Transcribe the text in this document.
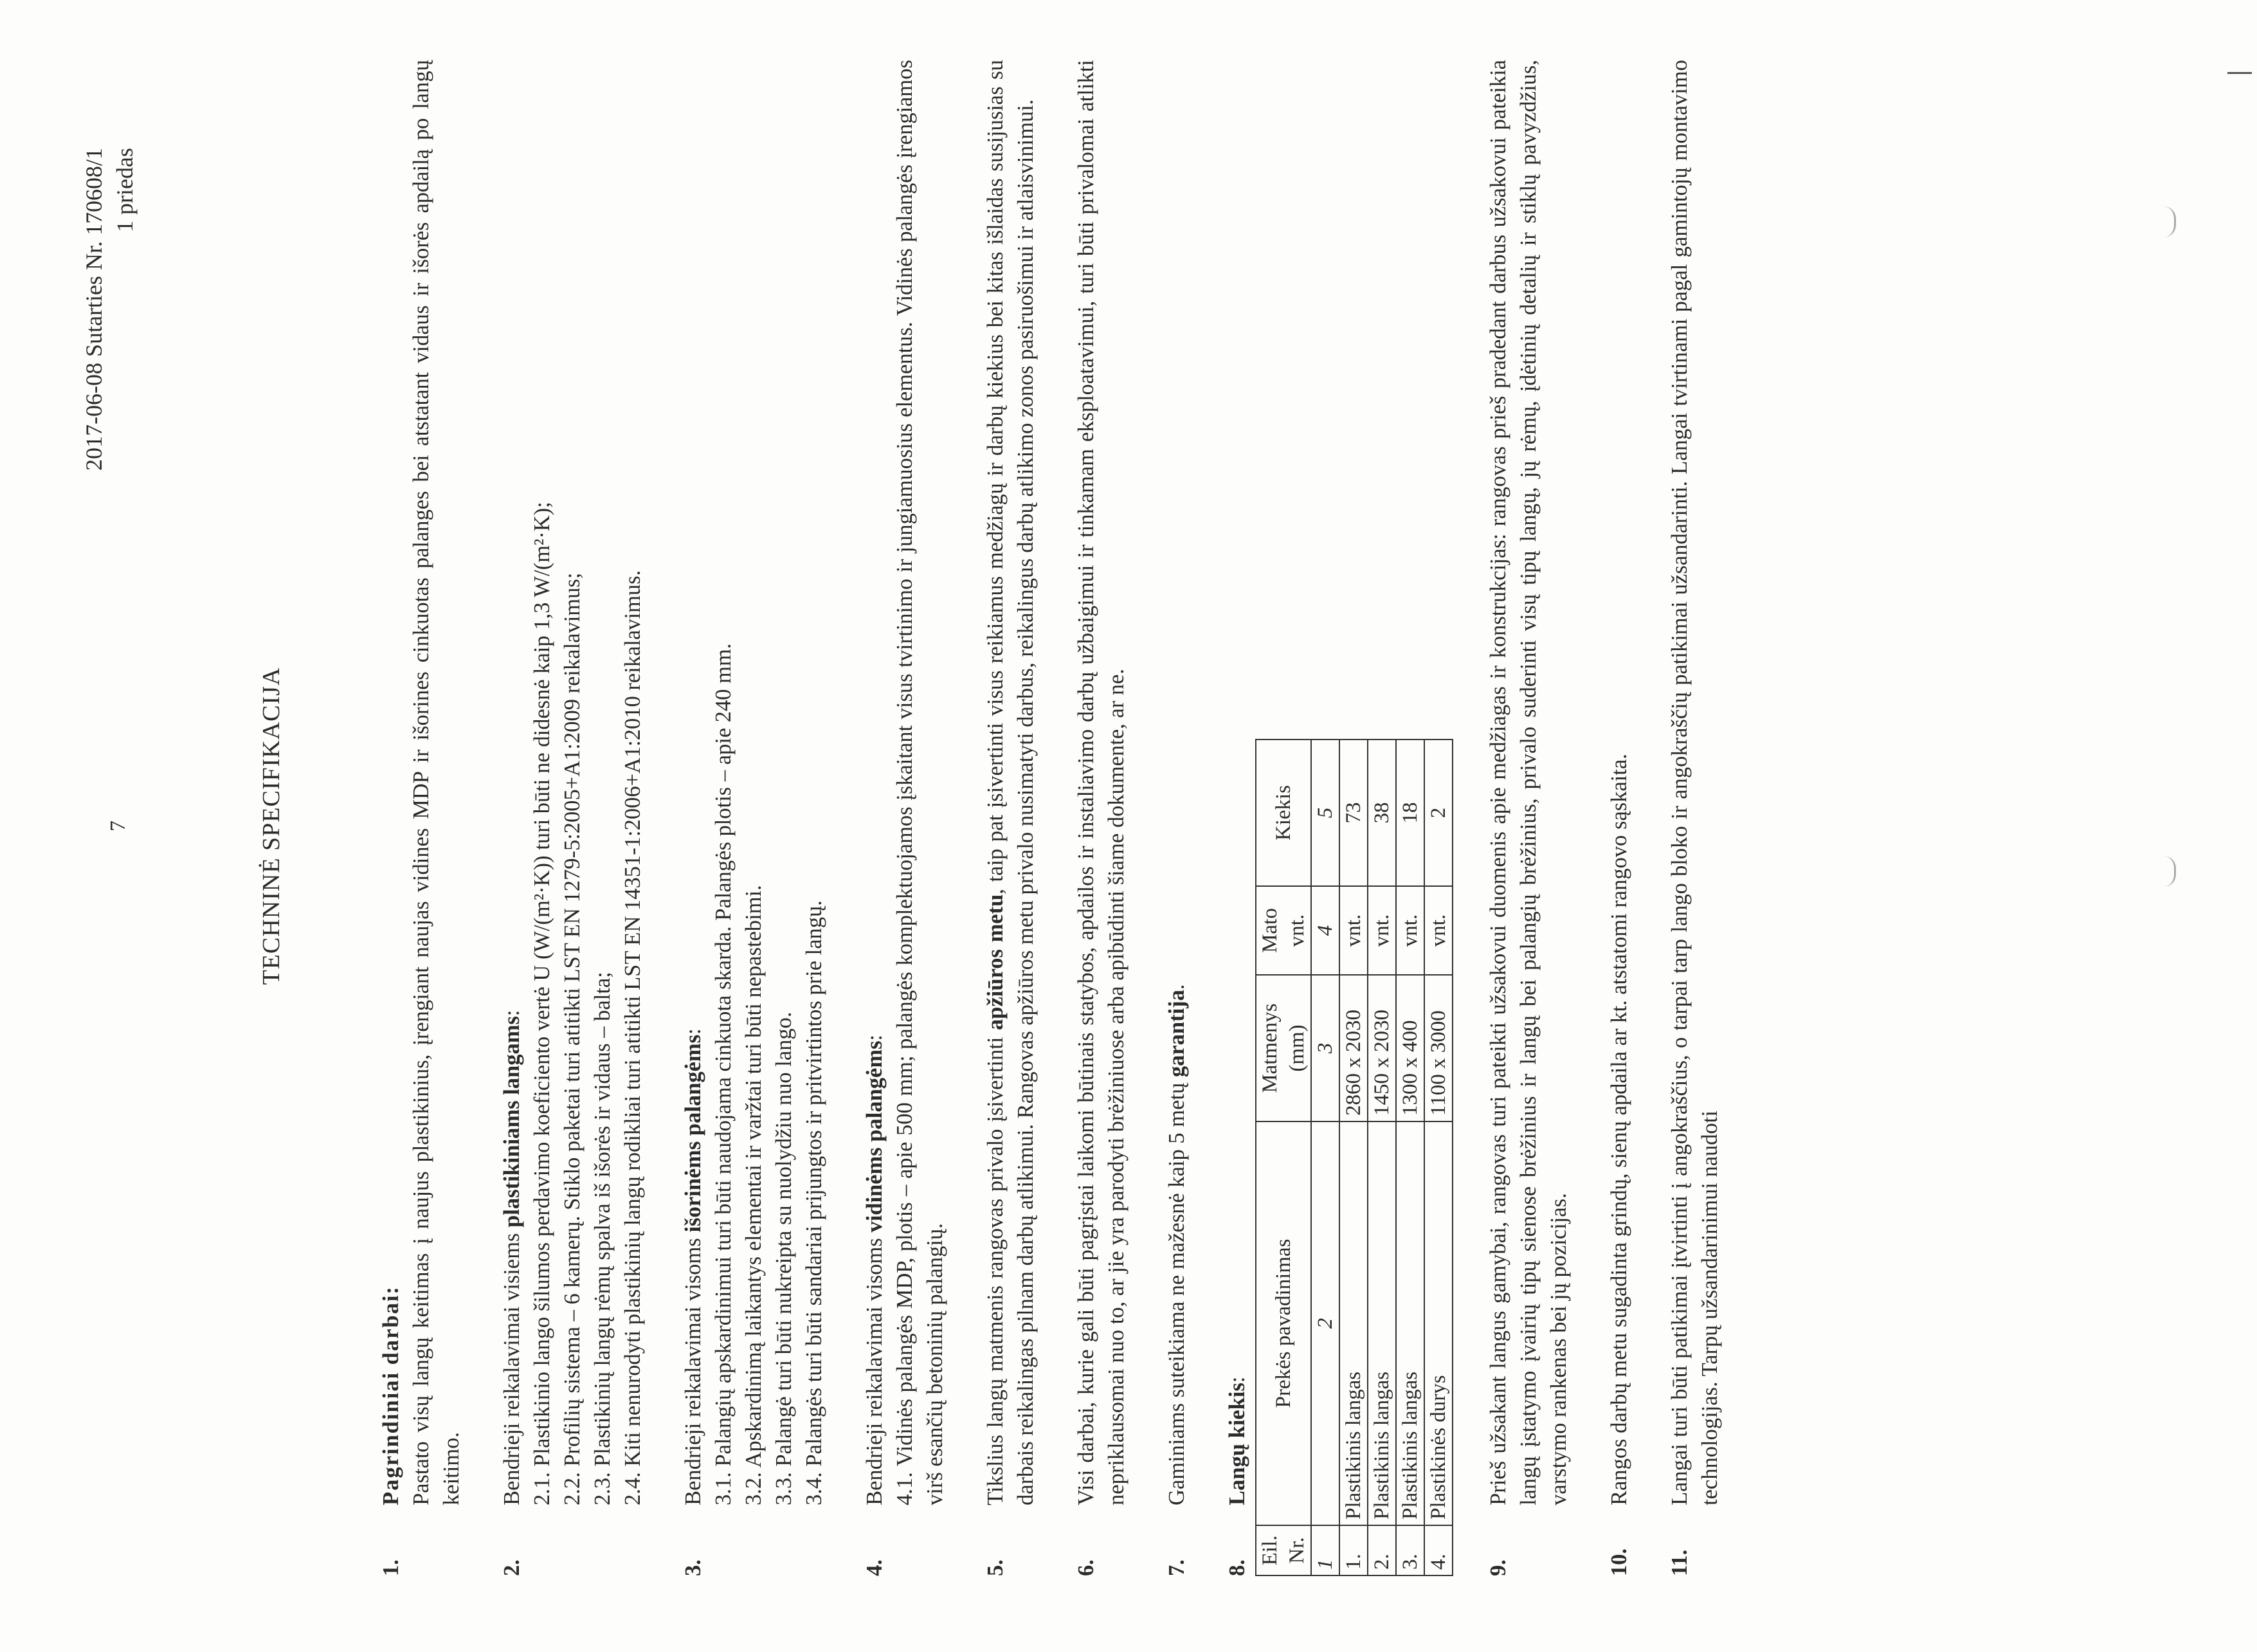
2017-06-08 Sutarties Nr. 170608/1 1 priedas
7	TECHNINĖ SPECIFIKACIJA
1.

Pagrindiniai darbai: Pastato visų langų keitimas į naujus plastikinius, įrengiant naujas vidines MDP ir išorines cinkuotas palanges bei atstatant vidaus ir išorės apdailą po langų keitimo.

2.

Bendrieji reikalavimai visiems plastikiniams langams: 2.1. Plastikinio lango šilumos perdavimo koeficiento vertė U (W/(m²·K)) turi būti ne didesnė kaip 1,3 W/(m²·K); 2.2. Profilių sistema – 6 kamerų. Stiklo paketai turi atitikti LST EN 1279-5:2005+A1:2009 reikalavimus; 2.3. Plastikinių langų rėmų spalva iš išorės ir vidaus – balta; 2.4. Kiti nenurodyti plastikinių langų rodikliai turi atitikti LST EN 14351-1:2006+A1:2010 reikalavimus.

3.

Bendrieji reikalavimai visoms išorinėms palangėms: 3.1. Palangių apskardinimui turi būti naudojama cinkuota skarda. Palangės plotis – apie 240 mm. 3.2. Apskardinimą laikantys elementai ir varžtai turi būti nepastebimi. 3.3. Palangė turi būti nukreipta su nuolydžiu nuo lango. 3.4. Palangės turi būti sandariai prijungtos ir pritvirtintos prie langų.

4.

Bendrieji reikalavimai visoms vidinėms palangėms: 4.1. Vidinės palangės MDP, plotis – apie 500 mm; palangės komplektuojamos įskaitant visus tvirtinimo ir jungiamuosius elementus. Vidinės palangės įrengiamos virš esančių betoninių palangių.

5.

Tikslius langų matmenis rangovas privalo įsivertinti apžiūros metu, taip pat įsivertinti visus reikiamus medžiagų ir darbų kiekius bei kitas išlaidas susijusias su darbais reikalingas pilnam darbų atlikimui. Rangovas apžiūros metu privalo nusimatyti darbus, reikalingus darbų atlikimo zonos pasiruošimui ir atlaisvinimui.

6.

Visi darbai, kurie gali būti pagrįstai laikomi būtinais statybos, apdailos ir instaliavimo darbų užbaigimui ir tinkamam eksploatavimui, turi būti privalomai atlikti nepriklausomai nuo to, ar jie yra parodyti brėžiniuose arba apibūdinti šiame dokumente, ar ne.

7.

Gaminiams suteikiama ne mažesnė kaip 5 metų garantija.

8.

Langų kiekis:

Eil. Nr.	Prekės pavadinimas	Matmenys (mm)	Mato vnt.	Kiekis
1	2	3	4	5
1.	Plastikinis langas	2860 x 2030	vnt.	73
2.	Plastikinis langas	1450 x 2030	vnt.	38
3.	Plastikinis langas	1300 x 400	vnt.	18
4.	Plastikinės durys	1100 x 3000	vnt.	2
9.

Prieš užsakant langus gamybai, rangovas turi pateikti užsakovui duomenis apie medžiagas ir konstrukcijas: rangovas prieš pradedant darbus užsakovui pateikia langų įstatymo įvairių tipų sienose brėžinius ir langų bei palangių brėžinius, privalo suderinti visų tipų langų, jų rėmų, įdėtinių detalių ir stiklų pavyzdžius, varstymo rankenas bei jų pozicijas.

10.

Rangos darbų metu sugadinta grindų, sienų apdaila ar kt. atstatomi rangovo sąskaita.

11.

Langai turi būti patikimai įtvirtinti į angokraščius, o tarpai tarp lango bloko ir angokraščių patikimai užsandarinti. Langai tvirtinami pagal gamintojų montavimo technologijas. Tarpų užsandarinimui naudoti
